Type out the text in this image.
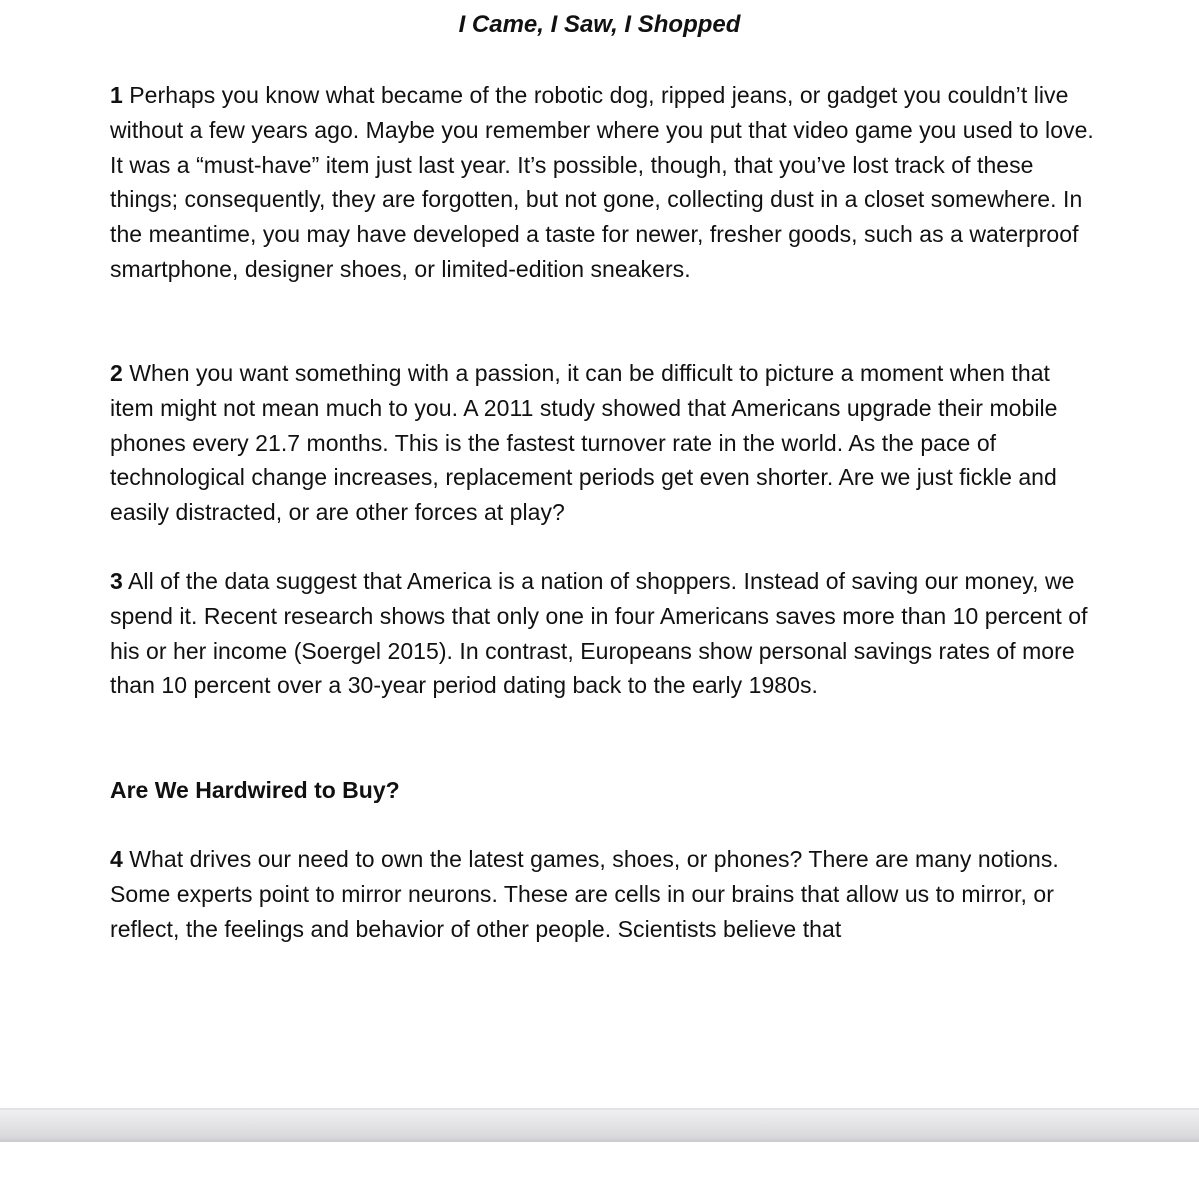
I Came, I Saw, I Shopped

1 Perhaps you know what became of the robotic dog, ripped jeans, or gadget you couldn’t live without a few years ago. Maybe you remember where you put that video game you used to love. It was a “must-have” item just last year. It’s possible, though, that you’ve lost track of these things; consequently, they are forgotten, but not gone, collecting dust in a closet somewhere. In the meantime, you may have developed a taste for newer, fresher goods, such as a waterproof smartphone, designer shoes, or limited-edition sneakers.

2 When you want something with a passion, it can be difficult to picture a moment when that item might not mean much to you. A 2011 study showed that Americans upgrade their mobile phones every 21.7 months. This is the fastest turnover rate in the world. As the pace of technological change increases, replacement periods get even shorter. Are we just fickle and easily distracted, or are other forces at play?

3 All of the data suggest that America is a nation of shoppers. Instead of saving our money, we spend it. Recent research shows that only one in four Americans saves more than 10 percent of his or her income (Soergel 2015). In contrast, Europeans show personal savings rates of more than 10 percent over a 30-year period dating back to the early 1980s.

Are We Hardwired to Buy?

4 What drives our need to own the latest games, shoes, or phones? There are many notions. Some experts point to mirror neurons. These are cells in our brains that allow us to mirror, or reflect, the feelings and behavior of other people. Scientists believe that
